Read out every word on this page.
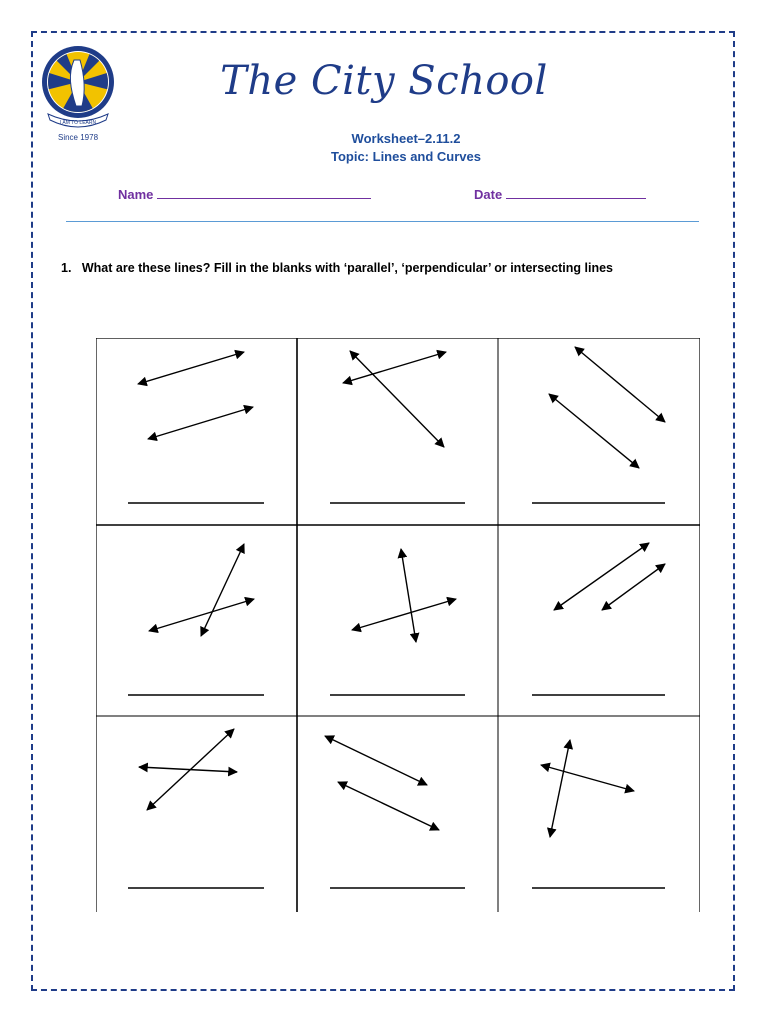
I AM TO LEARN
Since 1978
The City School
Worksheet–2.11.2
Topic: Lines and Curves
Name	Date
1. What are these lines? Fill in the blanks with ‘parallel’, ‘perpendicular’ or intersecting lines
